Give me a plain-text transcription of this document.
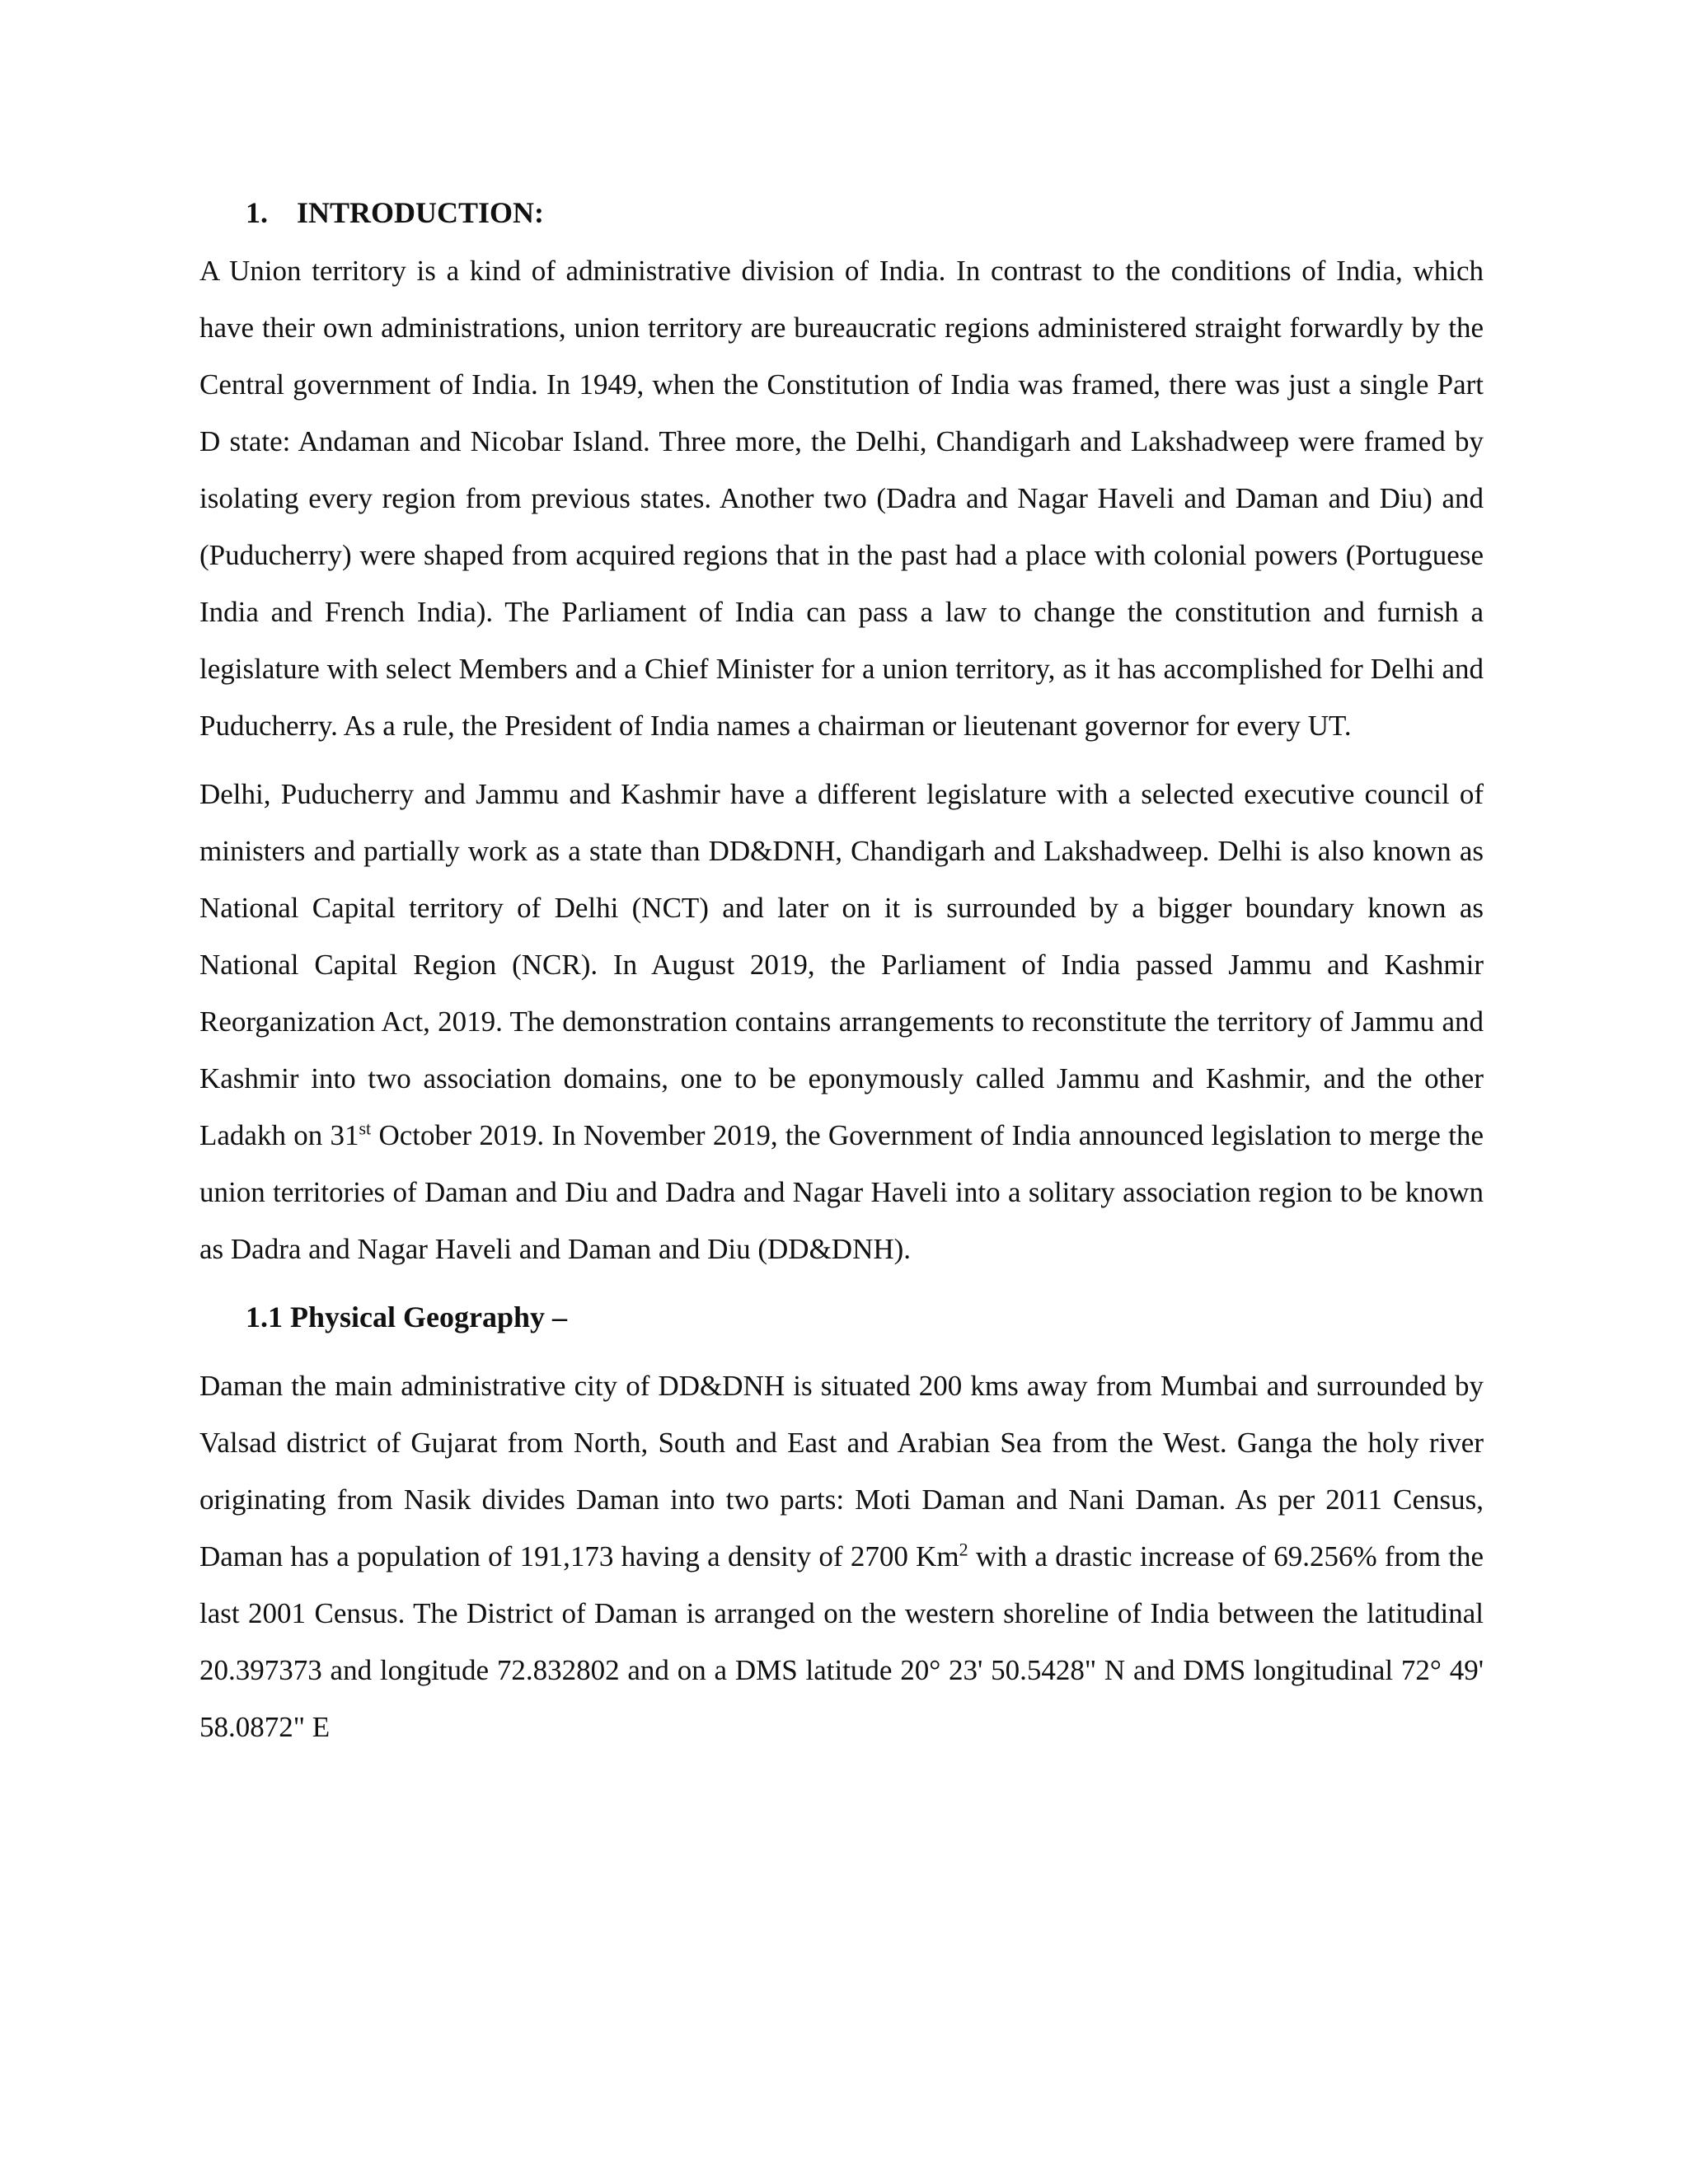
1. INTRODUCTION:

A Union territory is a kind of administrative division of India. In contrast to the conditions of India, which have their own administrations, union territory are bureaucratic regions administered straight forwardly by the Central government of India. In 1949, when the Constitution of India was framed, there was just a single Part D state: Andaman and Nicobar Island. Three more, the Delhi, Chandigarh and Lakshadweep were framed by isolating every region from previous states. Another two (Dadra and Nagar Haveli and Daman and Diu) and (Puducherry) were shaped from acquired regions that in the past had a place with colonial powers (Portuguese India and French India). The Parliament of India can pass a law to change the constitution and furnish a legislature with select Members and a Chief Minister for a union territory, as it has accomplished for Delhi and Puducherry. As a rule, the President of India names a chairman or lieutenant governor for every UT.

Delhi, Puducherry and Jammu and Kashmir have a different legislature with a selected executive council of ministers and partially work as a state than DD&DNH, Chandigarh and Lakshadweep. Delhi is also known as National Capital territory of Delhi (NCT) and later on it is surrounded by a bigger boundary known as National Capital Region (NCR). In August 2019, the Parliament of India passed Jammu and Kashmir Reorganization Act, 2019. The demonstration contains arrangements to reconstitute the territory of Jammu and Kashmir into two association domains, one to be eponymously called Jammu and Kashmir, and the other Ladakh on 31st October 2019. In November 2019, the Government of India announced legislation to merge the union territories of Daman and Diu and Dadra and Nagar Haveli into a solitary association region to be known as Dadra and Nagar Haveli and Daman and Diu (DD&DNH).

1.1 Physical Geography –

Daman the main administrative city of DD&DNH is situated 200 kms away from Mumbai and surrounded by Valsad district of Gujarat from North, South and East and Arabian Sea from the West. Ganga the holy river originating from Nasik divides Daman into two parts: Moti Daman and Nani Daman. As per 2011 Census, Daman has a population of 191,173 having a density of 2700 Km$^2$ with a drastic increase of 69.256% from the last 2001 Census. The District of Daman is arranged on the western shoreline of India between the latitudinal 20.397373 and longitude 72.832802 and on a DMS latitude 20° 23' 50.5428" N and DMS longitudinal 72° 49' 58.0872" E
